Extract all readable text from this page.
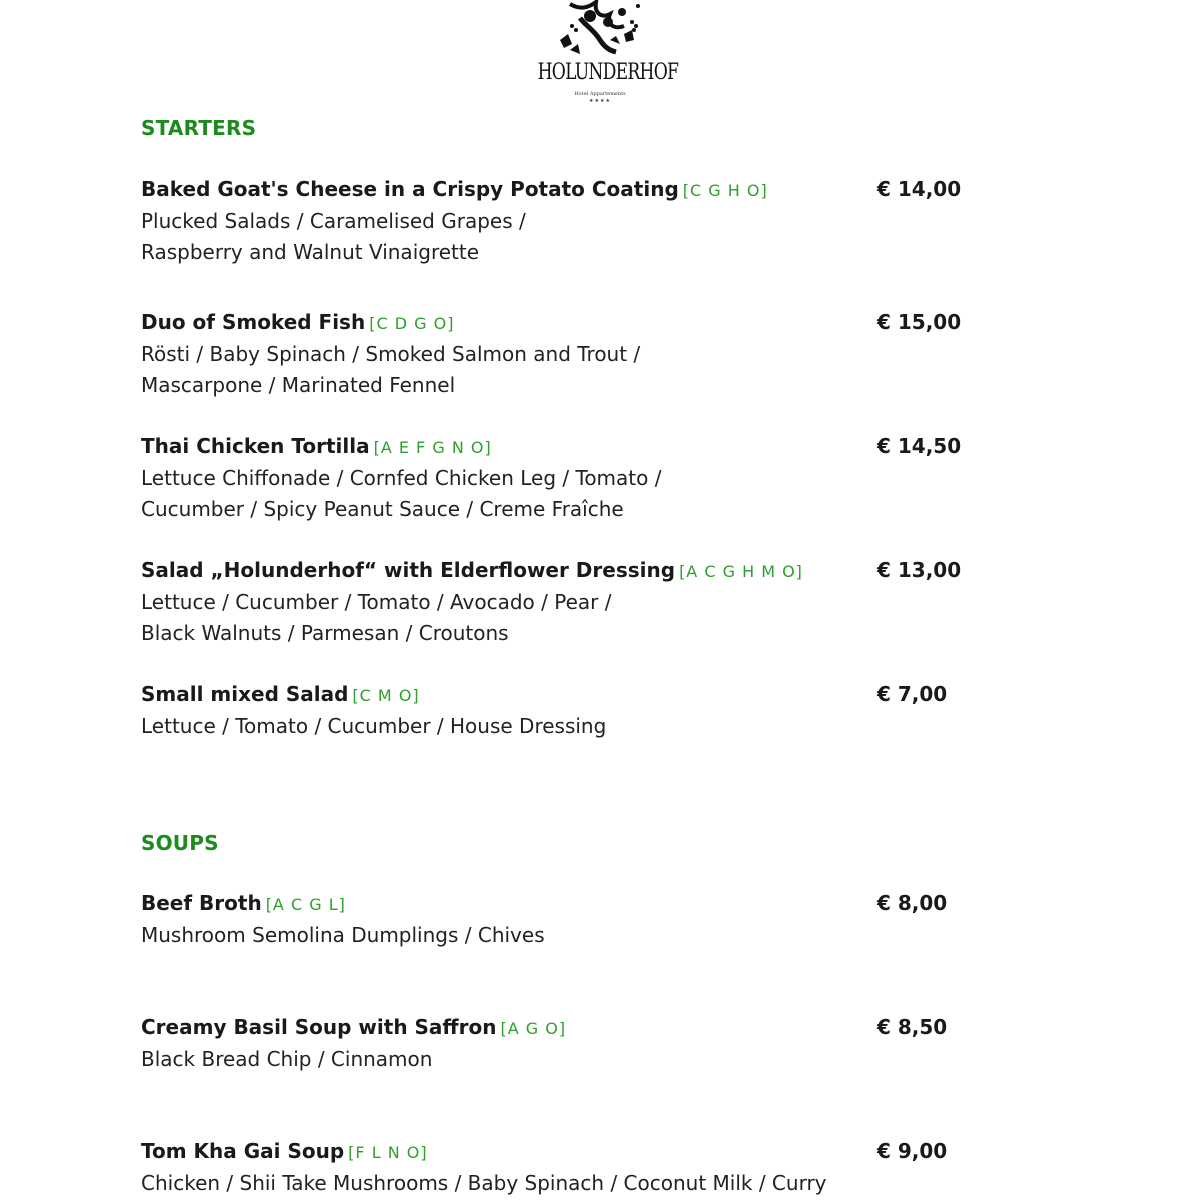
HOLUNDERHOF
Hotel Appartements
★★★★
STARTERS
Baked Goat's Cheese in a Crispy Potato Coating [C G H O]
Plucked Salads / Caramelised Grapes /
Raspberry and Walnut Vinaigrette
€ 14,00
Duo of Smoked Fish [C D G O]
Rösti / Baby Spinach / Smoked Salmon and Trout /
Mascarpone / Marinated Fennel
€ 15,00
Thai Chicken Tortilla [A E F G N O]
Lettuce Chiffonade / Cornfed Chicken Leg / Tomato /
Cucumber / Spicy Peanut Sauce / Creme Fraîche
€ 14,50
Salad „Holunderhof“ with Elderflower Dressing [A C G H M O]
Lettuce / Cucumber / Tomato / Avocado / Pear /
Black Walnuts / Parmesan / Croutons
€ 13,00
Small mixed Salad [C M O]
Lettuce / Tomato / Cucumber / House Dressing
€ 7,00
SOUPS
Beef Broth [A C G L]
Mushroom Semolina Dumplings / Chives
€ 8,00
Creamy Basil Soup with Saffron [A G O]
Black Bread Chip / Cinnamon
€ 8,50
Tom Kha Gai Soup [F L N O]
Chicken / Shii Take Mushrooms / Baby Spinach / Coconut Milk / Curry
€ 9,00
